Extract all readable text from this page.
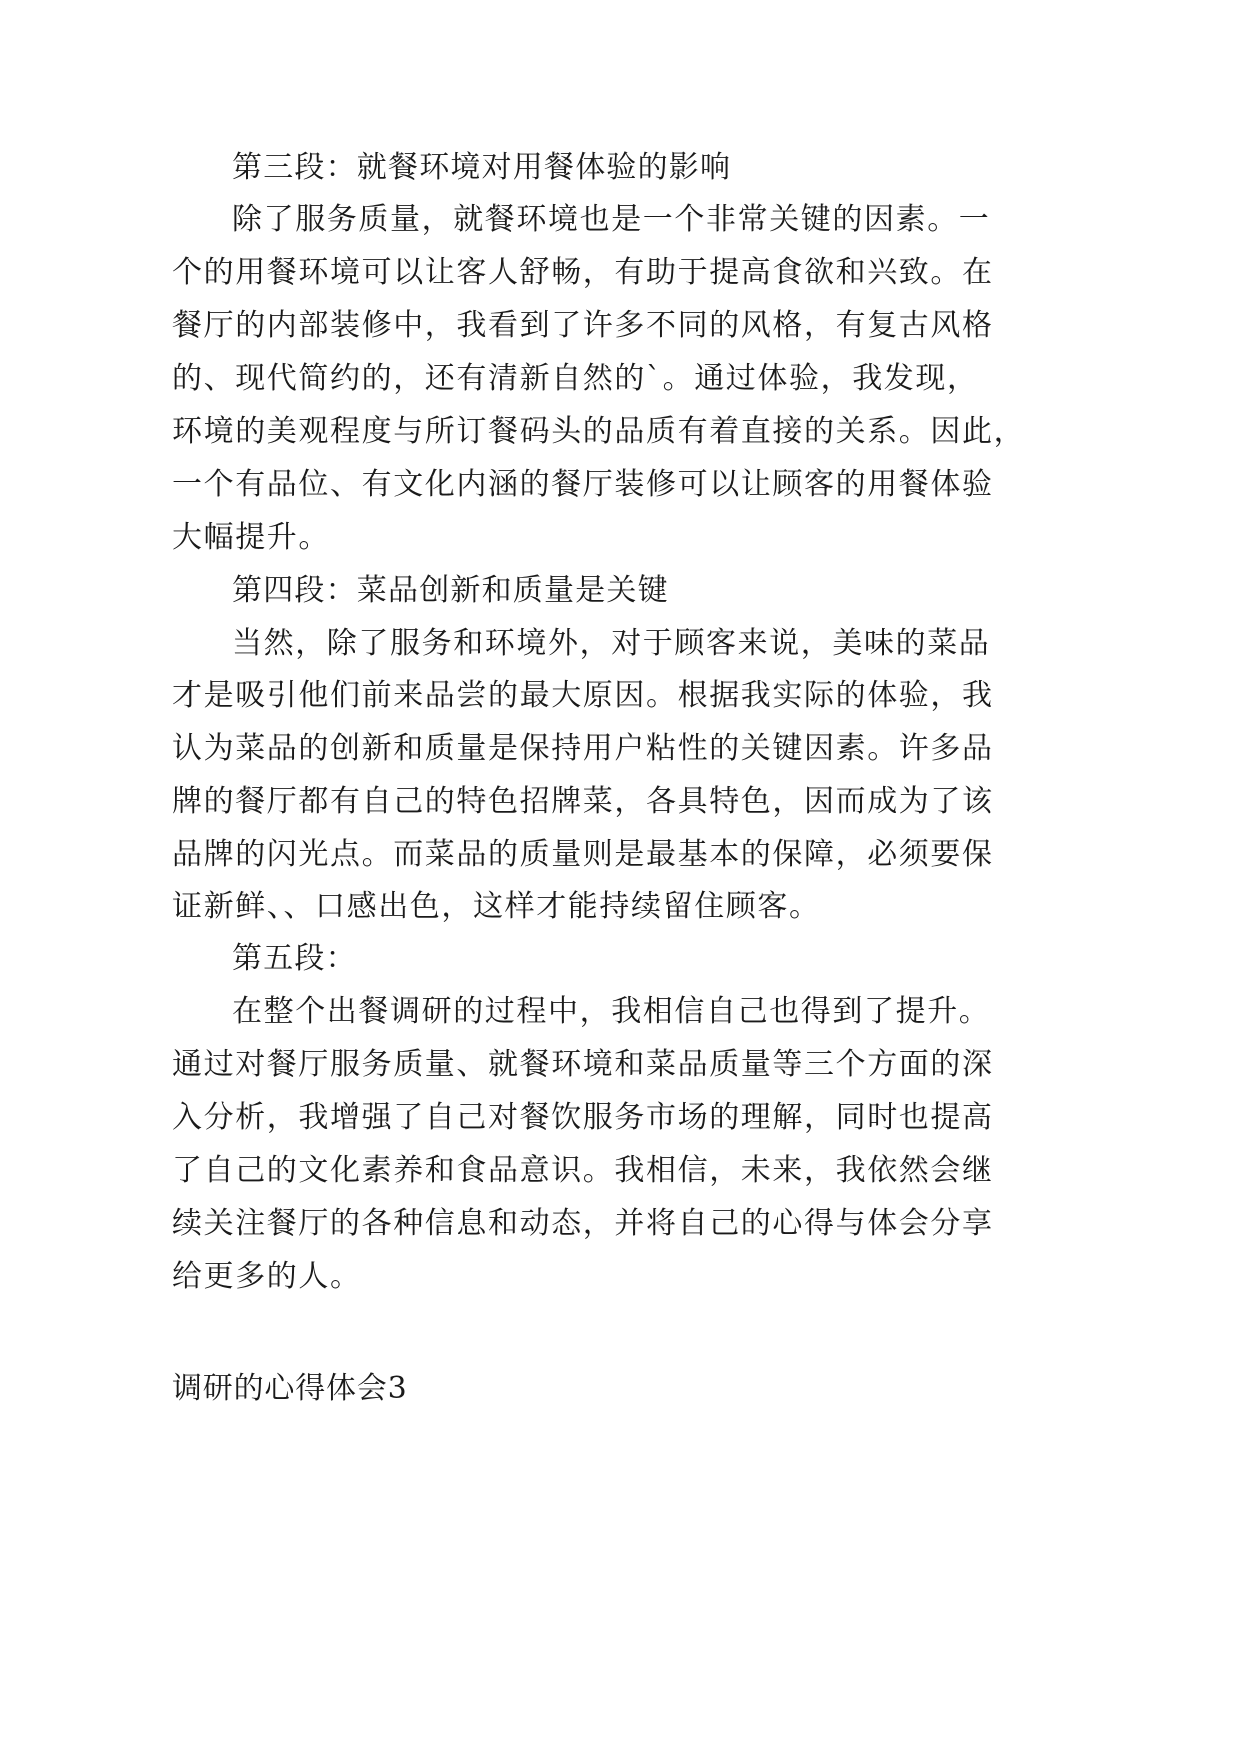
第三段：就餐环境对用餐体验的影响

除了服务质量，就餐环境也是一个非常关键的因素。一

个的用餐环境可以让客人舒畅，有助于提高食欲和兴致。在

餐厅的内部装修中，我看到了许多不同的风格，有复古风格

的、现代简约的，还有清新自然的`。通过体验，我发现，

环境的美观程度与所订餐码头的品质有着直接的关系。因此，

一个有品位、有文化内涵的餐厅装修可以让顾客的用餐体验

大幅提升。

第四段：菜品创新和质量是关键

当然，除了服务和环境外，对于顾客来说，美味的菜品

才是吸引他们前来品尝的最大原因。根据我实际的体验，我

认为菜品的创新和质量是保持用户粘性的关键因素。许多品

牌的餐厅都有自己的特色招牌菜，各具特色，因而成为了该

品牌的闪光点。而菜品的质量则是最基本的保障，必须要保

证新鲜、、口感出色，这样才能持续留住顾客。

第五段：

在整个出餐调研的过程中，我相信自己也得到了提升。

通过对餐厅服务质量、就餐环境和菜品质量等三个方面的深

入分析，我增强了自己对餐饮服务市场的理解，同时也提高

了自己的文化素养和食品意识。我相信，未来，我依然会继

续关注餐厅的各种信息和动态，并将自己的心得与体会分享

给更多的人。

调研的心得体会3
